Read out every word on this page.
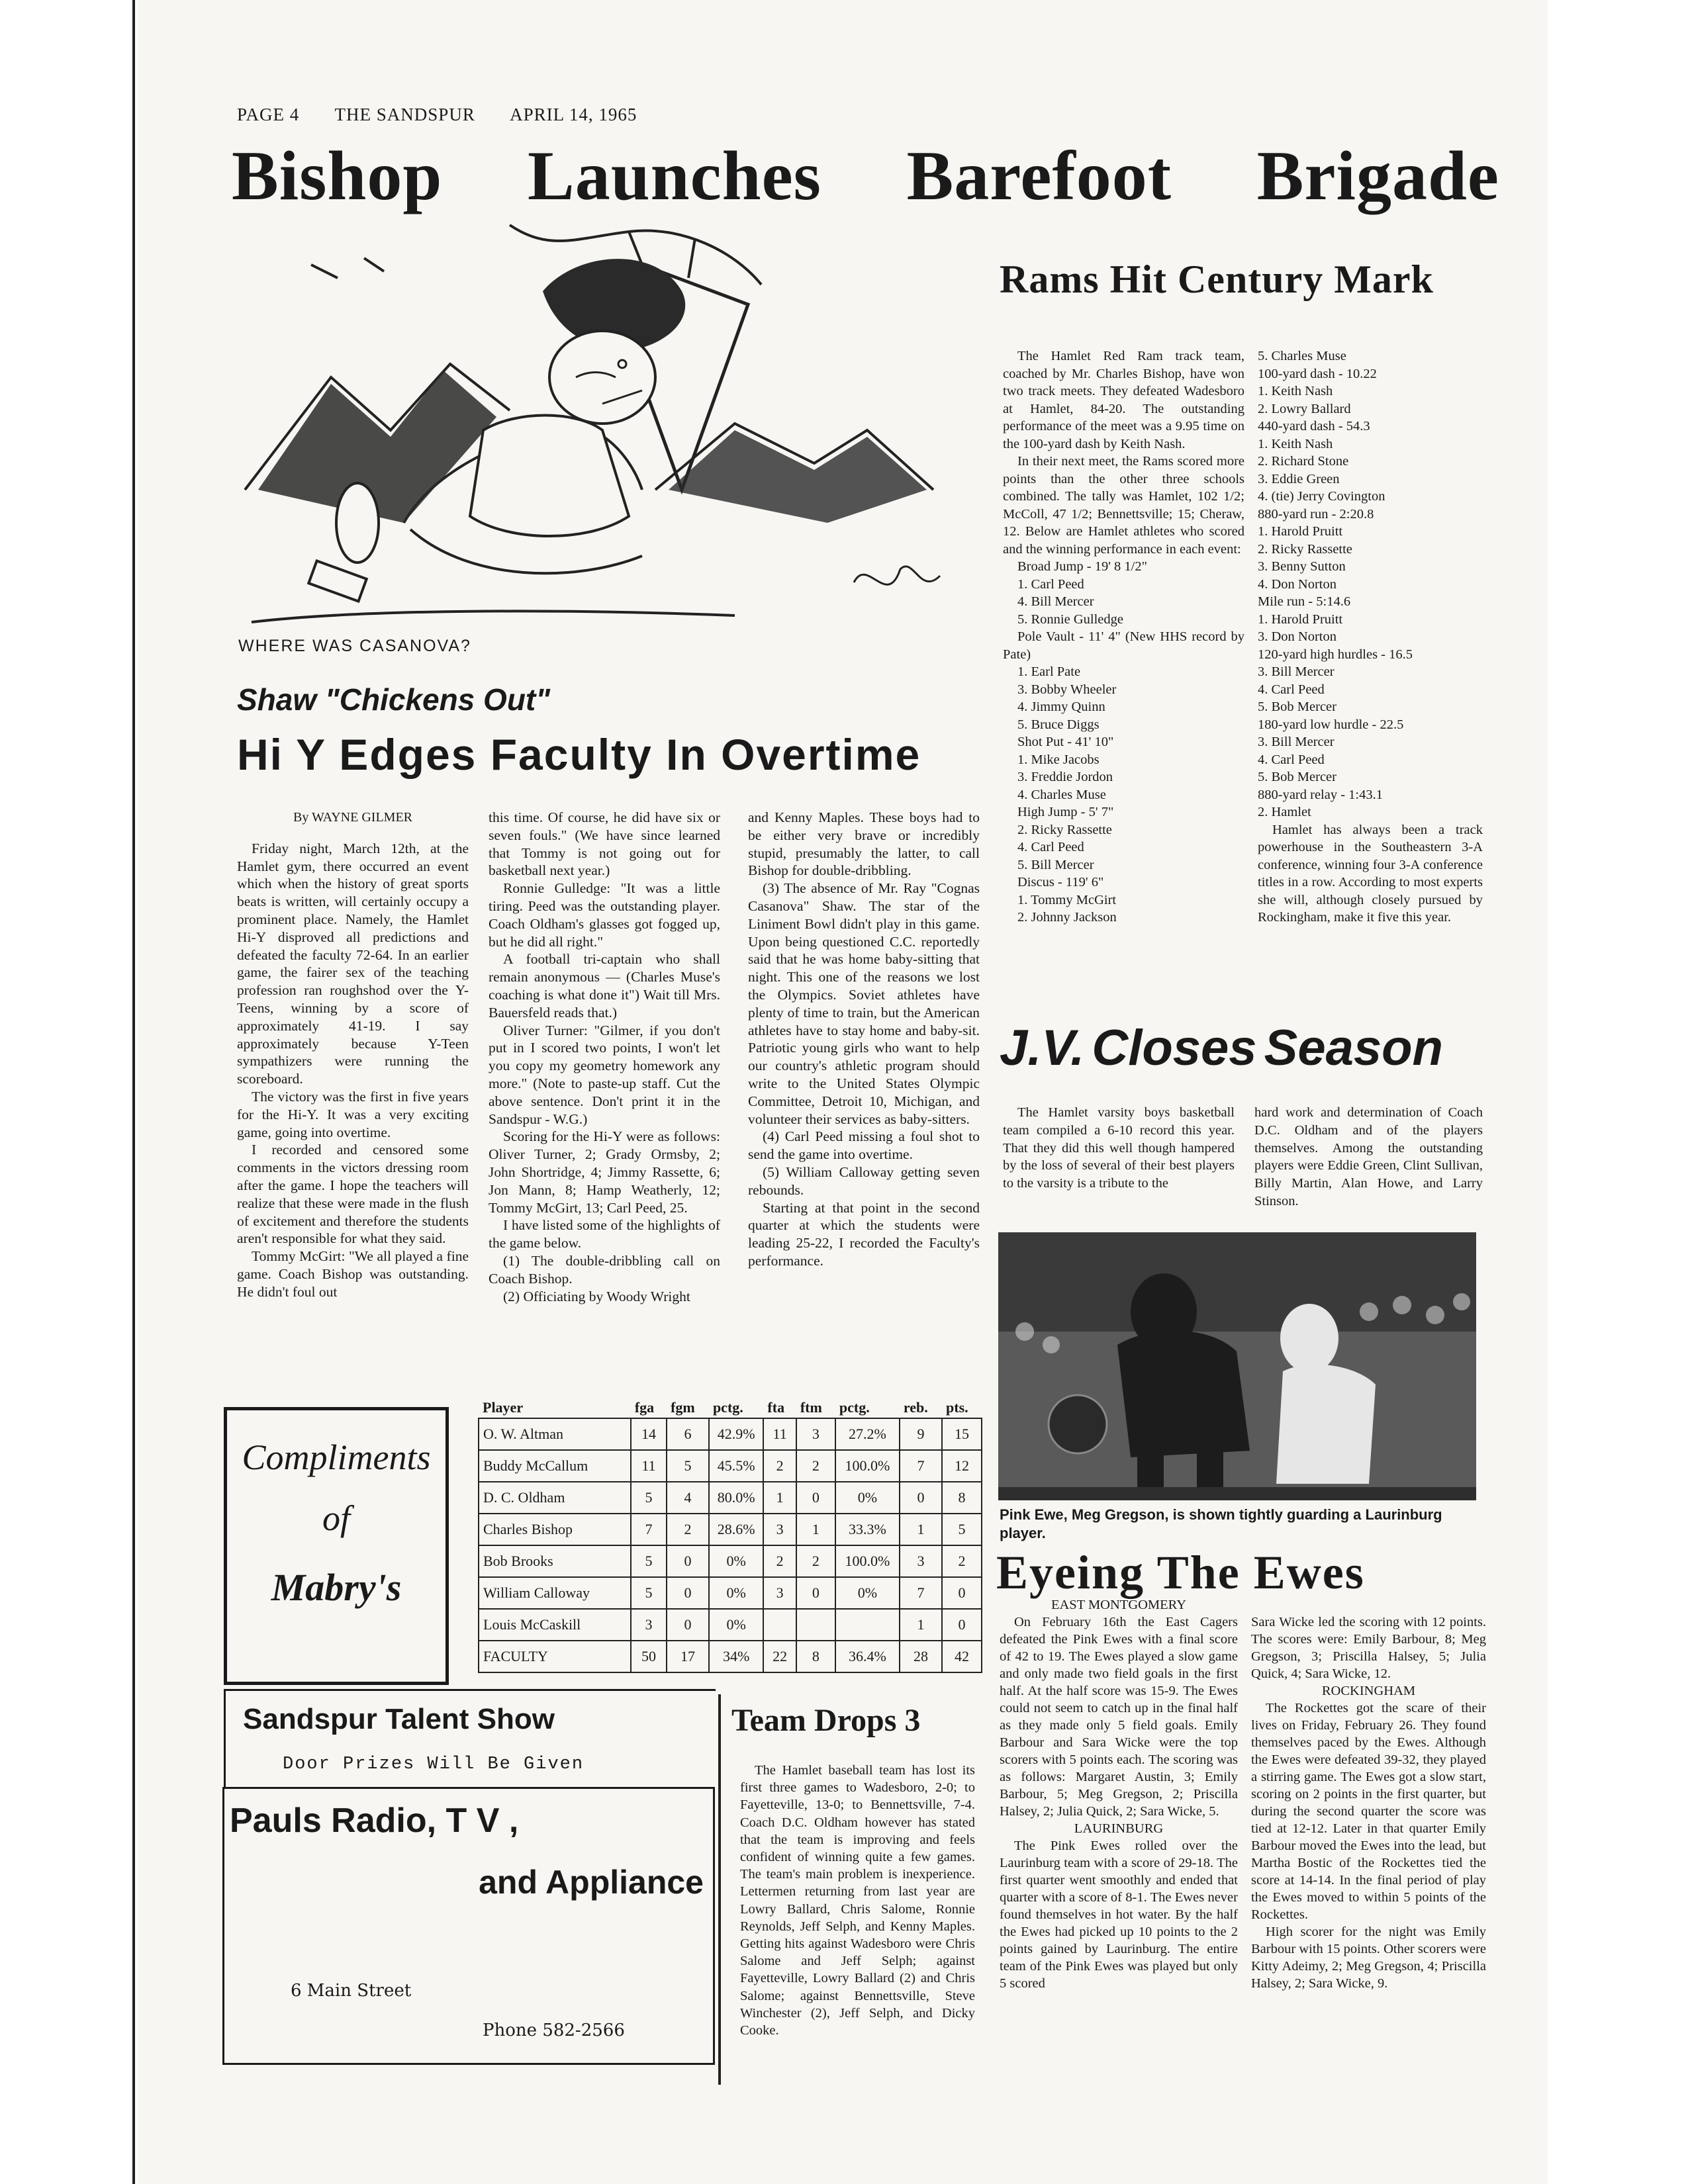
PAGE 4 THE SANDSPUR APRIL 14, 1965
Bishop Launches Barefoot Brigade
WHERE WAS CASANOVA?
Shaw "Chickens Out"
Hi Y Edges Faculty In Overtime

By WAYNE GILMER

Friday night, March 12th, at the Hamlet gym, there occurred an event which when the history of great sports beats is written, will certainly occupy a prominent place. Namely, the Hamlet Hi-Y disproved all predictions and defeated the faculty 72-64. In an earlier game, the fairer sex of the teaching profession ran roughshod over the Y-Teens, winning by a score of approximately 41-19. I say approximately because Y-Teen sympathizers were running the scoreboard.

The victory was the first in five years for the Hi-Y. It was a very exciting game, going into overtime.

I recorded and censored some comments in the victors dressing room after the game. I hope the teachers will realize that these were made in the flush of excitement and therefore the students aren't responsible for what they said.

Tommy McGirt: "We all played a fine game. Coach Bishop was outstanding. He didn't foul out

this time. Of course, he did have six or seven fouls." (We have since learned that Tommy is not going out for basketball next year.)

Ronnie Gulledge: "It was a little tiring. Peed was the outstanding player. Coach Oldham's glasses got fogged up, but he did all right."

A football tri-captain who shall remain anonymous — (Charles Muse's coaching is what done it") Wait till Mrs. Bauersfeld reads that.)

Oliver Turner: "Gilmer, if you don't put in I scored two points, I won't let you copy my geometry homework any more." (Note to paste-up staff. Cut the above sentence. Don't print it in the Sandspur - W.G.)

Scoring for the Hi-Y were as follows: Oliver Turner, 2; Grady Ormsby, 2; John Shortridge, 4; Jimmy Rassette, 6; Jon Mann, 8; Hamp Weatherly, 12; Tommy McGirt, 13; Carl Peed, 25.

I have listed some of the highlights of the game below.

(1) The double-dribbling call on Coach Bishop.

(2) Officiating by Woody Wright

and Kenny Maples. These boys had to be either very brave or incredibly stupid, presumably the latter, to call Bishop for double-dribbling.

(3) The absence of Mr. Ray "Cognas Casanova" Shaw. The star of the Liniment Bowl didn't play in this game. Upon being questioned C.C. reportedly said that he was home baby-sitting that night. This one of the reasons we lost the Olympics. Soviet athletes have plenty of time to train, but the American athletes have to stay home and baby-sit. Patriotic young girls who want to help our country's athletic program should write to the United States Olympic Committee, Detroit 10, Michigan, and volunteer their services as baby-sitters.

(4) Carl Peed missing a foul shot to send the game into overtime.

(5) William Calloway getting seven rebounds.

Starting at that point in the second quarter at which the students were leading 25-22, I recorded the Faculty's performance.

Player	fga	fgm	pctg.	fta	ftm	pctg.	reb.	pts.
O. W. Altman	14	6	42.9%	11	3	27.2%	9	15
Buddy McCallum	11	5	45.5%	2	2	100.0%	7	12
D. C. Oldham	5	4	80.0%	1	0	0%	0	8
Charles Bishop	7	2	28.6%	3	1	33.3%	1	5
Bob Brooks	5	0	0%	2	2	100.0%	3	2
William Calloway	5	0	0%	3	0	0%	7	0
Louis McCaskill	3	0	0%				1	0
FACULTY	50	17	34%	22	8	36.4%	28	42
Compliments
of
Mabry's
Sandspur Talent Show
Door Prizes Will Be Given
Pauls Radio, T V ,
and Appliance
6 Main Street
Phone 582-2566
Rams Hit Century Mark

The Hamlet Red Ram track team, coached by Mr. Charles Bishop, have won two track meets. They defeated Wadesboro at Hamlet, 84-20. The outstanding performance of the meet was a 9.95 time on the 100-yard dash by Keith Nash.

In their next meet, the Rams scored more points than the other three schools combined. The tally was Hamlet, 102 1/2; McColl, 47 1/2; Bennettsville; 15; Cheraw, 12. Below are Hamlet athletes who scored and the winning performance in each event:

Broad Jump - 19' 8 1/2"

1. Carl Peed

4. Bill Mercer

5. Ronnie Gulledge

Pole Vault - 11' 4" (New HHS record by Pate)

1. Earl Pate

3. Bobby Wheeler

4. Jimmy Quinn

5. Bruce Diggs

Shot Put - 41' 10"

1. Mike Jacobs

3. Freddie Jordon

4. Charles Muse

High Jump - 5' 7"

2. Ricky Rassette

4. Carl Peed

5. Bill Mercer

Discus - 119' 6"

1. Tommy McGirt

2. Johnny Jackson

5. Charles Muse

100-yard dash - 10.22

1. Keith Nash

2. Lowry Ballard

440-yard dash - 54.3

1. Keith Nash

2. Richard Stone

3. Eddie Green

4. (tie) Jerry Covington

880-yard run - 2:20.8

1. Harold Pruitt

2. Ricky Rassette

3. Benny Sutton

4. Don Norton

Mile run - 5:14.6

1. Harold Pruitt

3. Don Norton

120-yard high hurdles - 16.5

3. Bill Mercer

4. Carl Peed

5. Bob Mercer

180-yard low hurdle - 22.5

3. Bill Mercer

4. Carl Peed

5. Bob Mercer

880-yard relay - 1:43.1

2. Hamlet

Hamlet has always been a track powerhouse in the Southeastern 3-A conference, winning four 3-A conference titles in a row. According to most experts she will, although closely pursued by Rockingham, make it five this year.

J.V. Closes Season

The Hamlet varsity boys basketball team compiled a 6-10 record this year. That they did this well though hampered by the loss of several of their best players to the varsity is a tribute to the

hard work and determination of Coach D.C. Oldham and of the players themselves. Among the outstanding players were Eddie Green, Clint Sullivan, Billy Martin, Alan Howe, and Larry Stinson.

Pink Ewe, Meg Gregson, is shown tightly guarding a Laurinburg player.
Eyeing The Ewes

EAST MONTGOMERY

On February 16th the East Cagers defeated the Pink Ewes with a final score of 42 to 19. The Ewes played a slow game and only made two field goals in the first half. At the half score was 15-9. The Ewes could not seem to catch up in the final half as they made only 5 field goals. Emily Barbour and Sara Wicke were the top scorers with 5 points each. The scoring was as follows: Margaret Austin, 3; Emily Barbour, 5; Meg Gregson, 2; Priscilla Halsey, 2; Julia Quick, 2; Sara Wicke, 5.

LAURINBURG

The Pink Ewes rolled over the Laurinburg team with a score of 29-18. The first quarter went smoothly and ended that quarter with a score of 8-1. The Ewes never found themselves in hot water. By the half the Ewes had picked up 10 points to the 2 points gained by Laurinburg. The entire team of the Pink Ewes was played but only 5 scored

Sara Wicke led the scoring with 12 points. The scores were: Emily Barbour, 8; Meg Gregson, 3; Priscilla Halsey, 5; Julia Quick, 4; Sara Wicke, 12.

ROCKINGHAM

The Rockettes got the scare of their lives on Friday, February 26. They found themselves paced by the Ewes. Although the Ewes were defeated 39-32, they played a stirring game. The Ewes got a slow start, scoring on 2 points in the first quarter, but during the second quarter the score was tied at 12-12. Later in that quarter Emily Barbour moved the Ewes into the lead, but Martha Bostic of the Rockettes tied the score at 14-14. In the final period of play the Ewes moved to within 5 points of the Rockettes.

High scorer for the night was Emily Barbour with 15 points. Other scorers were Kitty Adeimy, 2; Meg Gregson, 4; Priscilla Halsey, 2; Sara Wicke, 9.

Team Drops 3

The Hamlet baseball team has lost its first three games to Wadesboro, 2-0; to Fayetteville, 13-0; to Bennettsville, 7-4. Coach D.C. Oldham however has stated that the team is improving and feels confident of winning quite a few games. The team's main problem is inexperience. Lettermen returning from last year are Lowry Ballard, Chris Salome, Ronnie Reynolds, Jeff Selph, and Kenny Maples. Getting hits against Wadesboro were Chris Salome and Jeff Selph; against Fayetteville, Lowry Ballard (2) and Chris Salome; against Bennettsville, Steve Winchester (2), Jeff Selph, and Dicky Cooke.
